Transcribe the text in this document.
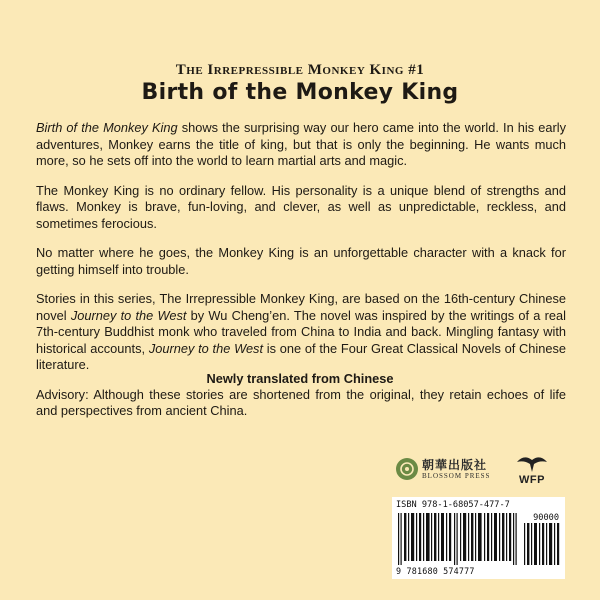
The Irrepressible Monkey King #1
Birth of the Monkey King

Birth of the Monkey King shows the surprising way our hero came into the world. In his early adventures, Monkey earns the title of king, but that is only the beginning. He wants much more, so he sets off into the world to learn martial arts and magic.

The Monkey King is no ordinary fellow. His personality is a unique blend of strengths and flaws. Monkey is brave, fun-loving, and clever, as well as unpredictable, reckless, and sometimes ferocious.

No matter where he goes, the Monkey King is an unforgettable character with a knack for getting himself into trouble.

Stories in this series, The Irrepressible Monkey King, are based on the 16th-century Chinese novel Journey to the West by Wu Cheng’en. The novel was inspired by the writings of a real 7th-century Buddhist monk who traveled from China to India and back. Mingling fantasy with historical accounts, Journey to the West is one of the Four Great Classical Novels of Chinese literature.

Advisory: Although these stories are shortened from the original, they retain echoes of life and perspectives from ancient China.

Newly translated from Chinese
朝華出版社
BLOSSOM PRESS	WFP
ISBN 978-1-68057-477-7
90000
9 781680 574777
